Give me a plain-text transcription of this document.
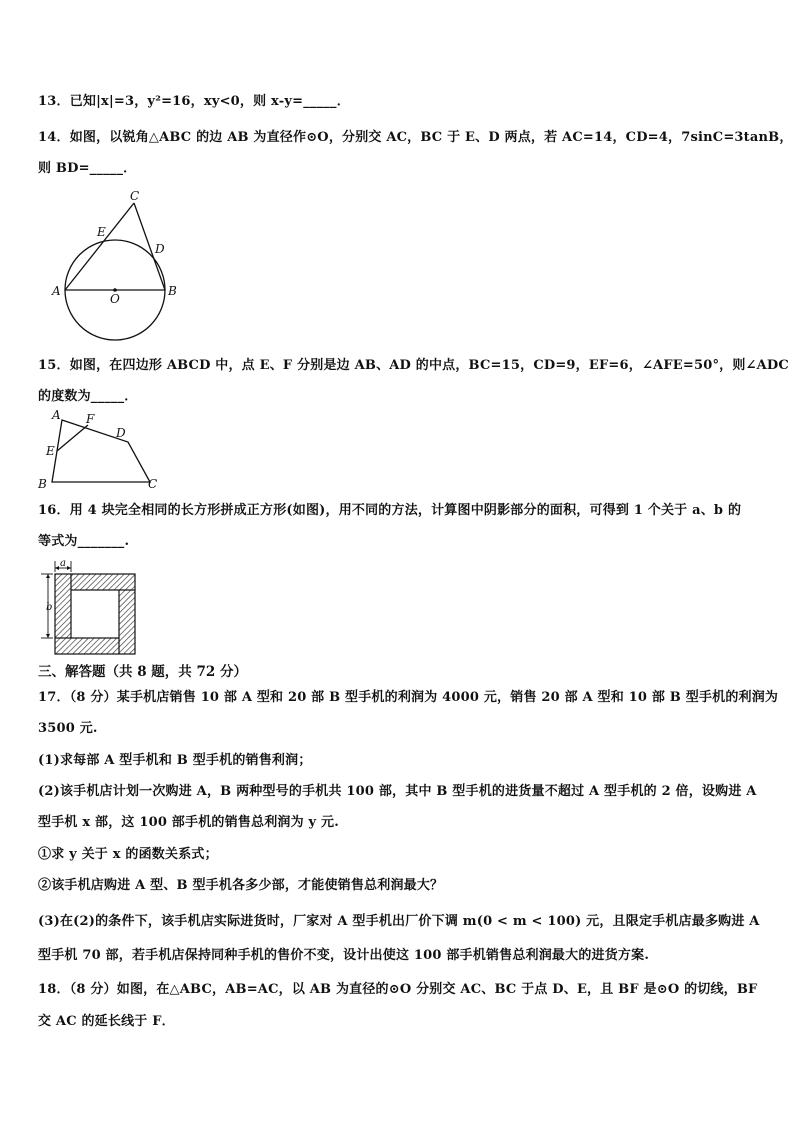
13．已知|x|=3，y²=16，xy<0，则 x-y=_____．
14．如图，以锐角△ABC 的边 AB 为直径作⊙O，分别交 AC，BC 于 E、D 两点，若 AC=14，CD=4，7sinC=3tanB，
则 BD=_____．
C
E
D
A
O
B
15．如图，在四边形 ABCD 中，点 E、F 分别是边 AB、AD 的中点，BC=15，CD=9，EF=6，∠AFE=50°，则∠ADC
的度数为_____．
A F
D
E
B	C
16．用 4 块完全相同的长方形拼成正方形(如图)，用不同的方法，计算图中阴影部分的面积，可得到 1 个关于 a、b 的
等式为_______.
a
b
三、解答题（共 8 题，共 72 分）
17．（8 分）某手机店销售 10 部 A 型和 20 部 B 型手机的利润为 4000 元，销售 20 部 A 型和 10 部 B 型手机的利润为
3500 元.
(1)求每部 A 型手机和 B 型手机的销售利润；
(2)该手机店计划一次购进 A，B 两种型号的手机共 100 部，其中 B 型手机的进货量不超过 A 型手机的 2 倍，设购进 A
型手机 x 部，这 100 部手机的销售总利润为 y 元.
①求 y 关于 x 的函数关系式；
②该手机店购进 A 型、B 型手机各多少部，才能使销售总利润最大？
(3)在(2)的条件下，该手机店实际进货时，厂家对 A 型手机出厂价下调 m(0 < m < 100) 元，且限定手机店最多购进 A
型手机 70 部，若手机店保持同种手机的售价不变，设计出使这 100 部手机销售总利润最大的进货方案.
18．（8 分）如图，在△ABC，AB=AC，以 AB 为直径的⊙O 分别交 AC、BC 于点 D、E，且 BF 是⊙O 的切线，BF
交 AC 的延长线于 F．
